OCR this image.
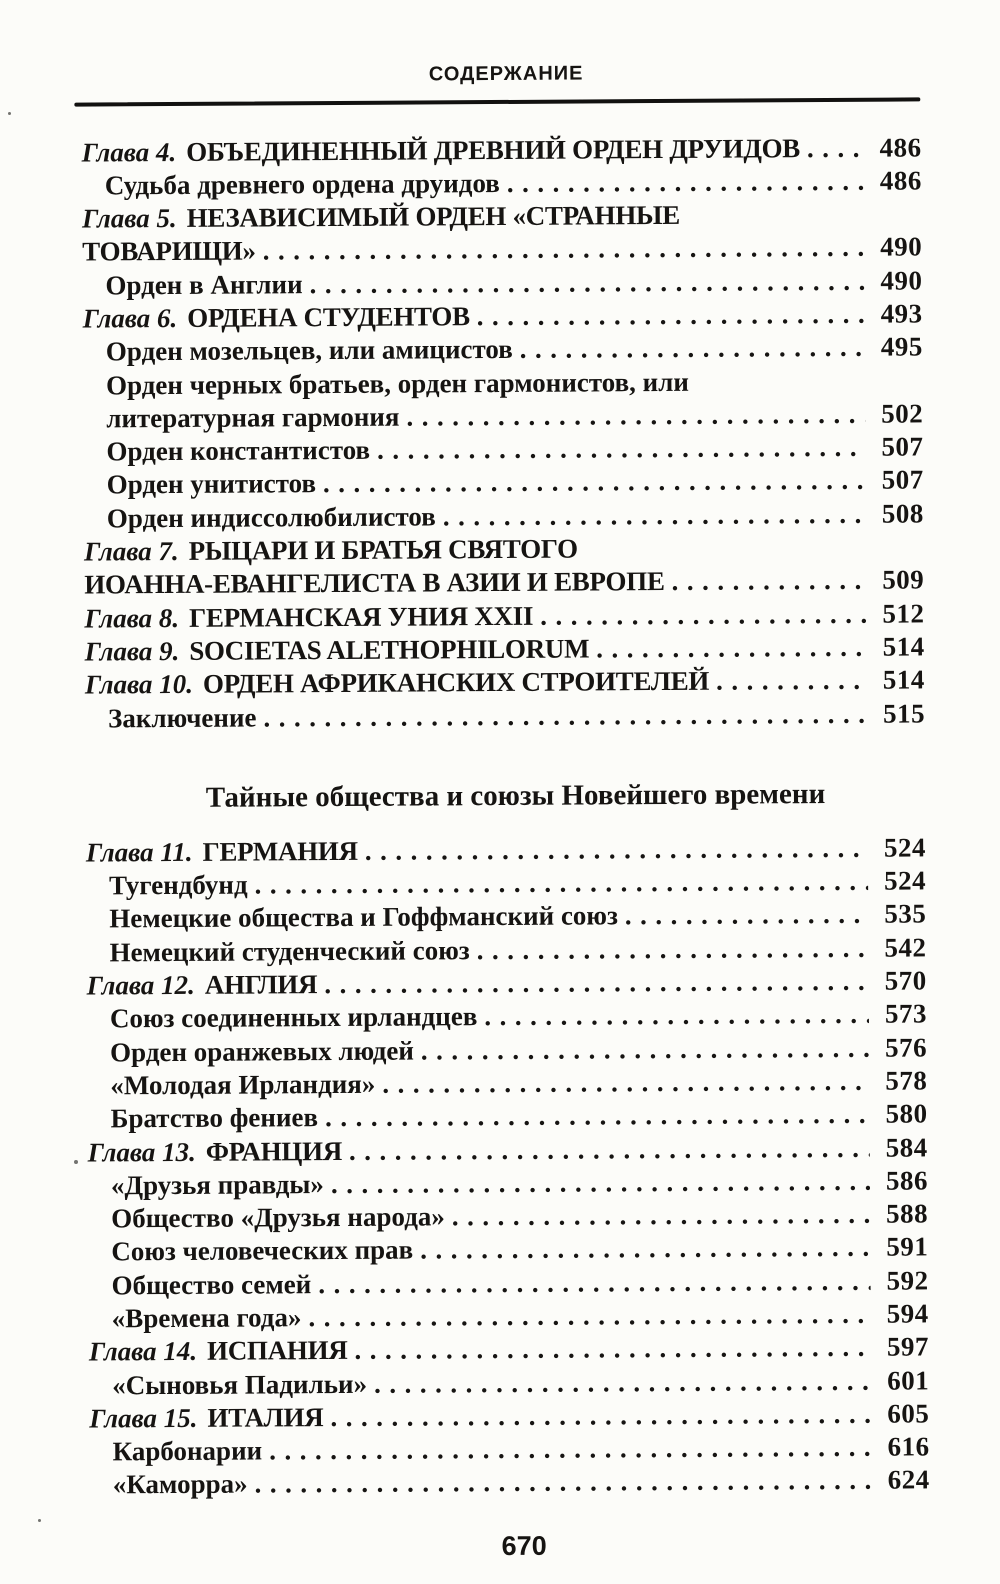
СОДЕРЖАНИЕ
Глава 4. ОБЪЕДИНЕННЫЙ ДРЕВНИЙ ОРДЕН ДРУИДОВ .....	486
Судьба древнего ордена друидов .....	486
Глава 5. НЕЗАВИСИМЫЙ ОРДЕН «СТРАННЫЕ
ТОВАРИЩИ» .....	490
Орден в Англии .....	490
Глава 6. ОРДЕНА СТУДЕНТОВ .....	493
Орден мозельцев, или амицистов .....	495
Орден черных братьев, орден гармонистов, или
литературная гармония .....	502
Орден константистов .....	507
Орден унитистов .....	507
Орден индиссолюбилистов .....	508
Глава 7. РЫЦАРИ И БРАТЬЯ СВЯТОГО
ИОАННА-ЕВАНГЕЛИСТА В АЗИИ И ЕВРОПЕ .....	509
Глава 8. ГЕРМАНСКАЯ УНИЯ XXII .....	512
Глава 9. SOCIETAS ALETHOPHILORUM .....	514
Глава 10. ОРДЕН АФРИКАНСКИХ СТРОИТЕЛЕЙ .....	514
Заключение .....	515
Тайные общества и союзы Новейшего времени
Глава 11. ГЕРМАНИЯ .....	524
Тугендбунд .....	524
Немецкие общества и Гоффманский союз .....	535
Немецкий студенческий союз .....	542
Глава 12. АНГЛИЯ .....	570
Союз соединенных ирландцев .....	573
Орден оранжевых людей .....	576
«Молодая Ирландия» .....	578
Братство фениев .....	580
Глава 13. ФРАНЦИЯ .....	584
«Друзья правды» .....	586
Общество «Друзья народа» .....	588
Союз человеческих прав .....	591
Общество семей .....	592
«Времена года» .....	594
Глава 14. ИСПАНИЯ .....	597
«Сыновья Падильи» .....	601
Глава 15. ИТАЛИЯ .....	605
Карбонарии .....	616
«Каморра» .....	624
670
